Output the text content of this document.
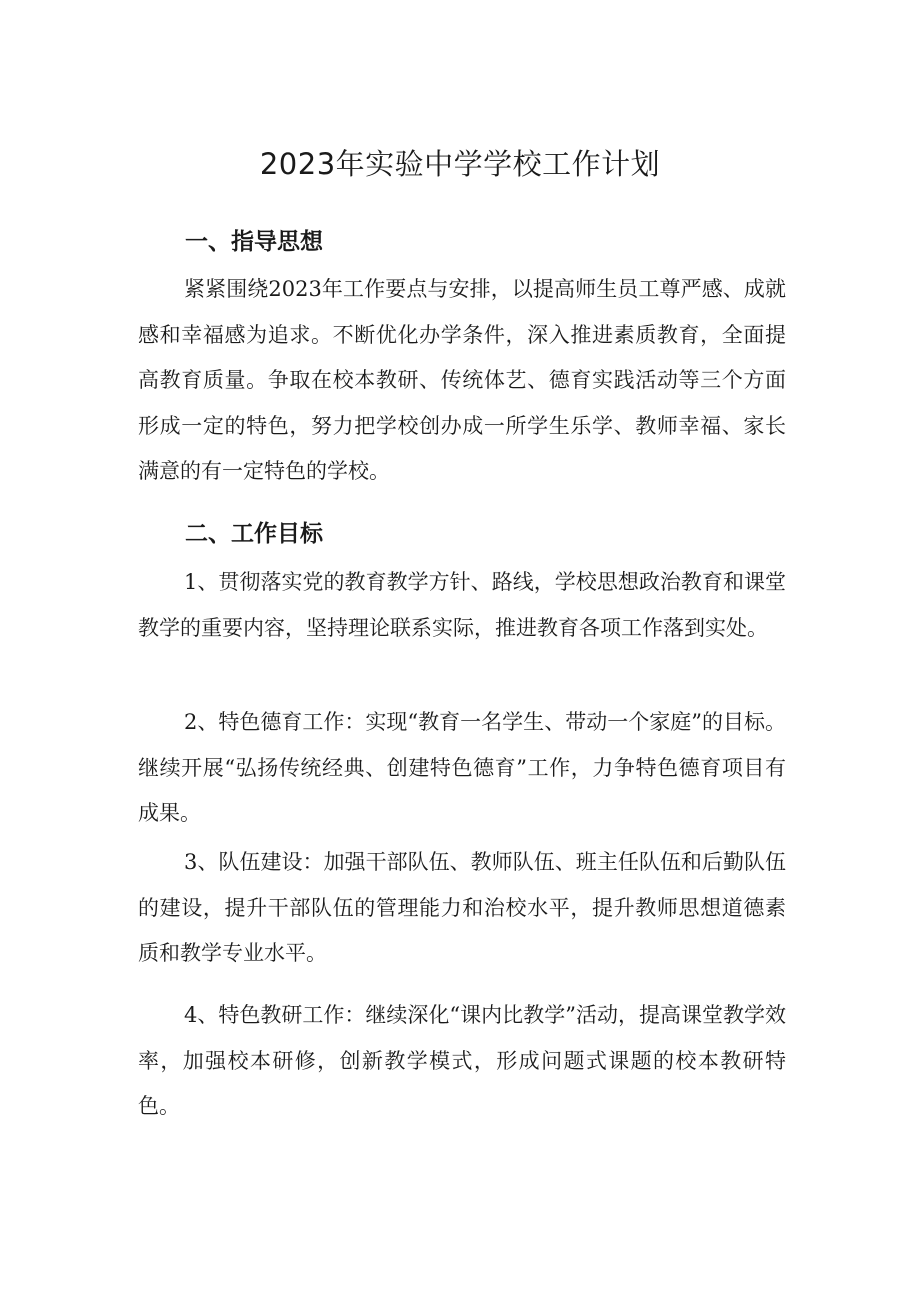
2023年实验中学学校工作计划
一、指导思想

紧紧围绕2023年工作要点与安排，以提高师生员工尊严感、成就感和幸福感为追求。不断优化办学条件，深入推进素质教育，全面提高教育质量。争取在校本教研、传统体艺、德育实践活动等三个方面形成一定的特色，努力把学校创办成一所学生乐学、教师幸福、家长满意的有一定特色的学校。

二、工作目标

1、贯彻落实党的教育教学方针、路线，学校思想政治教育和课堂教学的重要内容，坚持理论联系实际，推进教育各项工作落到实处。

2、特色德育工作：实现“教育一名学生、带动一个家庭”的目标。继续开展“弘扬传统经典、创建特色德育”工作，力争特色德育项目有成果。

3、队伍建设：加强干部队伍、教师队伍、班主任队伍和后勤队伍的建设，提升干部队伍的管理能力和治校水平，提升教师思想道德素质和教学专业水平。

4、特色教研工作：继续深化“课内比教学”活动，提高课堂教学效率，加强校本研修，创新教学模式，形成问题式课题的校本教研特色。
